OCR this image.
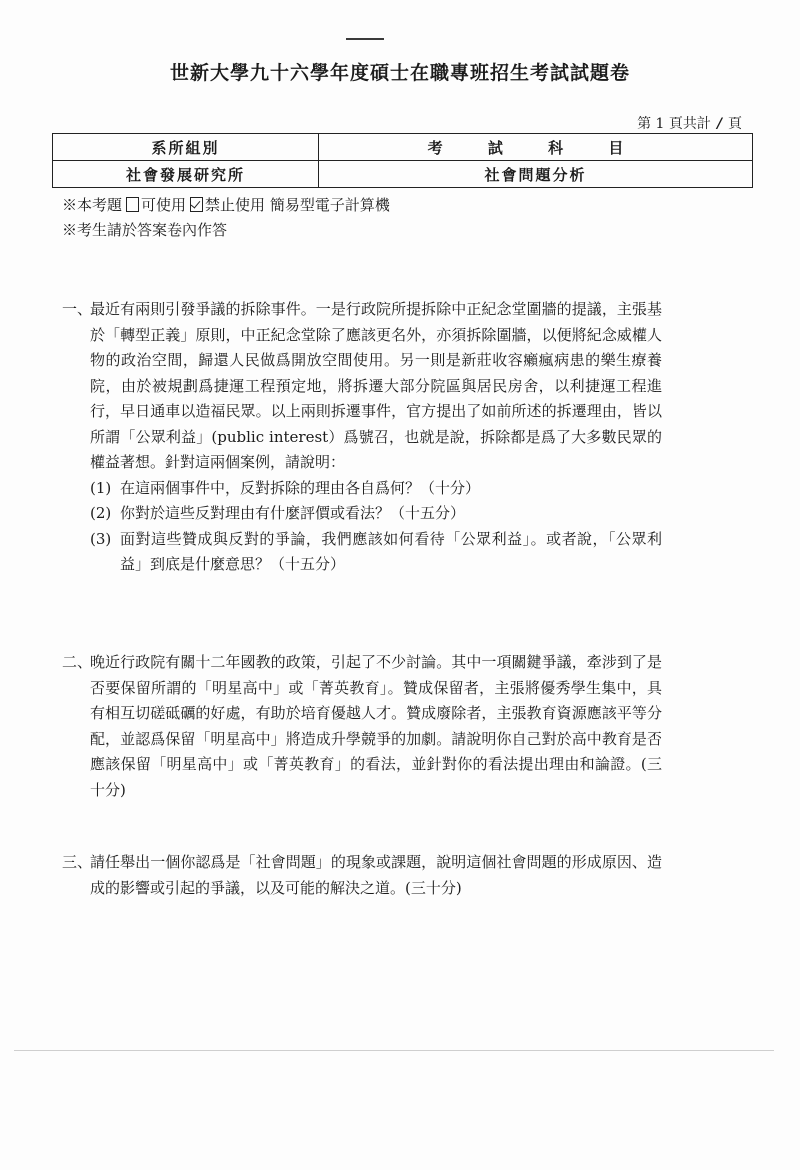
世新大學九十六學年度碩士在職專班招生考試試題卷
第 1 頁共計 / 頁
系所組別	考 試 科 目
社會發展研究所	社會問題分析
※本考題 可使用 禁止使用 簡易型電子計算機
※考生請於答案卷內作答
一、
最近有兩則引發爭議的拆除事件。一是行政院所提拆除中正紀念堂圍牆的提議，主張基於「轉型正義」原則，中正紀念堂除了應該更名外，亦須拆除圍牆，以便將紀念威權人物的政治空間，歸還人民做爲開放空間使用。另一則是新莊收容癩瘋病患的樂生療養院，由於被規劃爲捷運工程預定地，將拆遷大部分院區與居民房舍，以利捷運工程進行，早日通車以造福民眾。以上兩則拆遷事件，官方提出了如前所述的拆遷理由，皆以所謂「公眾利益」(public interest）爲號召，也就是說，拆除都是爲了大多數民眾的權益著想。針對這兩個案例，請說明：
(1) 在這兩個事件中，反對拆除的理由各自爲何？（十分）
(2) 你對於這些反對理由有什麼評價或看法？（十五分）
(3) 面對這些贊成與反對的爭論，我們應該如何看待「公眾利益」。或者說，「公眾利益」到底是什麼意思？（十五分）
二、
晚近行政院有關十二年國教的政策，引起了不少討論。其中一項關鍵爭議，牽涉到了是否要保留所謂的「明星高中」或「菁英教育」。贊成保留者，主張將優秀學生集中，具有相互切磋砥礪的好處，有助於培育優越人才。贊成廢除者，主張教育資源應該平等分配，並認爲保留「明星高中」將造成升學競爭的加劇。請說明你自己對於高中教育是否應該保留「明星高中」或「菁英教育」的看法，並針對你的看法提出理由和論證。(三十分)
三、
請任舉出一個你認爲是「社會問題」的現象或課題，說明這個社會問題的形成原因、造成的影響或引起的爭議，以及可能的解決之道。(三十分)
